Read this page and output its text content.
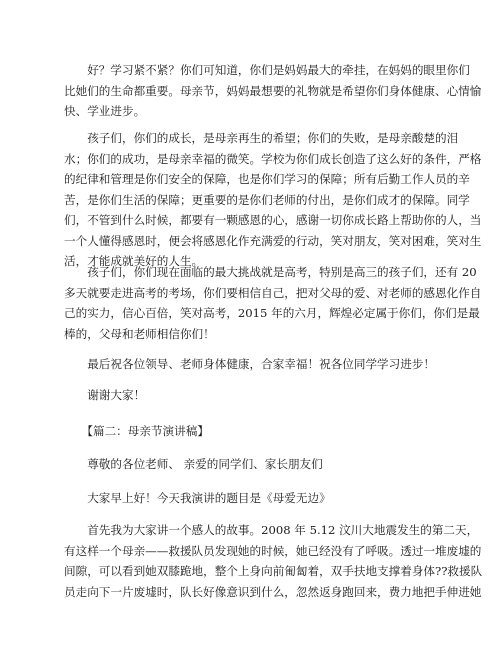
　　好？学习紧不紧？你们可知道，你们是妈妈最大的牵挂，在妈妈的眼里你们
比她们的生命都重要。母亲节，妈妈最想要的礼物就是希望你们身体健康、心情愉
快、学业进步。

　　孩子们，你们的成长，是母亲再生的希望；你们的失败，是母亲酸楚的泪
水；你们的成功，是母亲幸福的微笑。学校为你们成长创造了这么好的条件，严格
的纪律和管理是你们安全的保障，也是你们学习的保障；所有后勤工作人员的辛
苦，是你们生活的保障；更重要的是你们老师的付出，是你们成才的保障。同学
们，不管到什么时候，都要有一颗感恩的心，感谢一切你成长路上帮助你的人，当
一个人懂得感恩时，便会将感恩化作充满爱的行动，笑对朋友，笑对困难，笑对生
活，才能成就美好的人生。

　　孩子们，你们现在面临的最大挑战就是高考，特别是高三的孩子们，还有 20
多天就要走进高考的考场，你们要相信自己，把对父母的爱、对老师的感恩化作自
己的实力，信心百倍，笑对高考，2015 年的六月，辉煌必定属于你们，你们是最
棒的，父母和老师相信你们！

　　最后祝各位领导、老师身体健康，合家幸福！祝各位同学学习进步！

　　谢谢大家！

　　【篇二：母亲节演讲稿】

　　尊敬的各位老师、 亲爱的同学们、家长朋友们

　　大家早上好！今天我演讲的题目是《母爱无边》

　　首先我为大家讲一个感人的故事。2008 年 5.12 汶川大地震发生的第二天，
有这样一个母亲——救援队员发现她的时候，她已经没有了呼吸。透过一堆废墟的
间隙，可以看到她双膝跪地，整个上身向前匍匐着，双手扶地支撑着身体??救援队
员走向下一片废墟时，队长好像意识到什么，忽然返身跑回来，费力地把手伸进她
